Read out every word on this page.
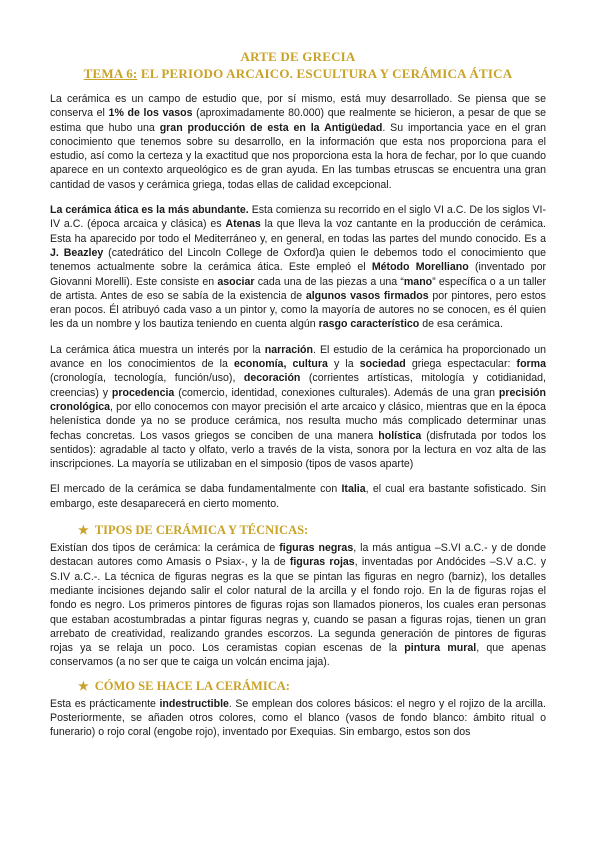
ARTE DE GRECIA
TEMA 6: EL PERIODO ARCAICO. ESCULTURA Y CERÁMICA ÁTICA

La cerámica es un campo de estudio que, por sí mismo, está muy desarrollado. Se piensa que se conserva el 1% de los vasos (aproximadamente 80.000) que realmente se hicieron, a pesar de que se estima que hubo una gran producción de esta en la Antigüedad. Su importancia yace en el gran conocimiento que tenemos sobre su desarrollo, en la información que esta nos proporciona para el estudio, así como la certeza y la exactitud que nos proporciona esta la hora de fechar, por lo que cuando aparece en un contexto arqueológico es de gran ayuda. En las tumbas etruscas se encuentra una gran cantidad de vasos y cerámica griega, todas ellas de calidad excepcional.

La cerámica ática es la más abundante. Esta comienza su recorrido en el siglo VI a.C. De los siglos VI-IV a.C. (época arcaica y clásica) es Atenas la que lleva la voz cantante en la producción de cerámica. Esta ha aparecido por todo el Mediterráneo y, en general, en todas las partes del mundo conocido. Es a J. Beazley (catedrático del Lincoln College de Oxford)a quien le debemos todo el conocimiento que tenemos actualmente sobre la cerámica ática. Este empleó el Método Morelliano (inventado por Giovanni Morelli). Este consiste en asociar cada una de las piezas a una “mano” específica o a un taller de artista. Antes de eso se sabía de la existencia de algunos vasos firmados por pintores, pero estos eran pocos. Él atribuyó cada vaso a un pintor y, como la mayoría de autores no se conocen, es él quien les da un nombre y los bautiza teniendo en cuenta algún rasgo característico de esa cerámica.

La cerámica ática muestra un interés por la narración. El estudio de la cerámica ha proporcionado un avance en los conocimientos de la economía, cultura y la sociedad griega espectacular: forma (cronología, tecnología, función/uso), decoración (corrientes artísticas, mitología y cotidianidad, creencias) y procedencia (comercio, identidad, conexiones culturales). Además de una gran precisión cronológica, por ello conocemos con mayor precisión el arte arcaico y clásico, mientras que en la época helenística donde ya no se produce cerámica, nos resulta mucho más complicado determinar unas fechas concretas. Los vasos griegos se conciben de una manera holística (disfrutada por todos los sentidos): agradable al tacto y olfato, verlo a través de la vista, sonora por la lectura en voz alta de las inscripciones. La mayoría se utilizaban en el simposio (tipos de vasos aparte)

El mercado de la cerámica se daba fundamentalmente con Italia, el cual era bastante sofisticado. Sin embargo, este desaparecerá en cierto momento.

★ TIPOS DE CERÁMICA Y TÉCNICAS:

Existían dos tipos de cerámica: la cerámica de figuras negras, la más antigua –S.VI a.C.- y de donde destacan autores como Amasis o Psiax-, y la de figuras rojas, inventadas por Andócides –S.V a.C. y S.IV a.C.-. La técnica de figuras negras es la que se pintan las figuras en negro (barniz), los detalles mediante incisiones dejando salir el color natural de la arcilla y el fondo rojo. En la de figuras rojas el fondo es negro. Los primeros pintores de figuras rojas son llamados pioneros, los cuales eran personas que estaban acostumbradas a pintar figuras negras y, cuando se pasan a figuras rojas, tienen un gran arrebato de creatividad, realizando grandes escorzos. La segunda generación de pintores de figuras rojas ya se relaja un poco. Los ceramistas copian escenas de la pintura mural, que apenas conservamos (a no ser que te caiga un volcán encima jaja).

★ CÓMO SE HACE LA CERÁMICA:

Esta es prácticamente indestructible. Se emplean dos colores básicos: el negro y el rojizo de la arcilla. Posteriormente, se añaden otros colores, como el blanco (vasos de fondo blanco: ámbito ritual o funerario) o rojo coral (engobe rojo), inventado por Exequias. Sin embargo, estos son dos
